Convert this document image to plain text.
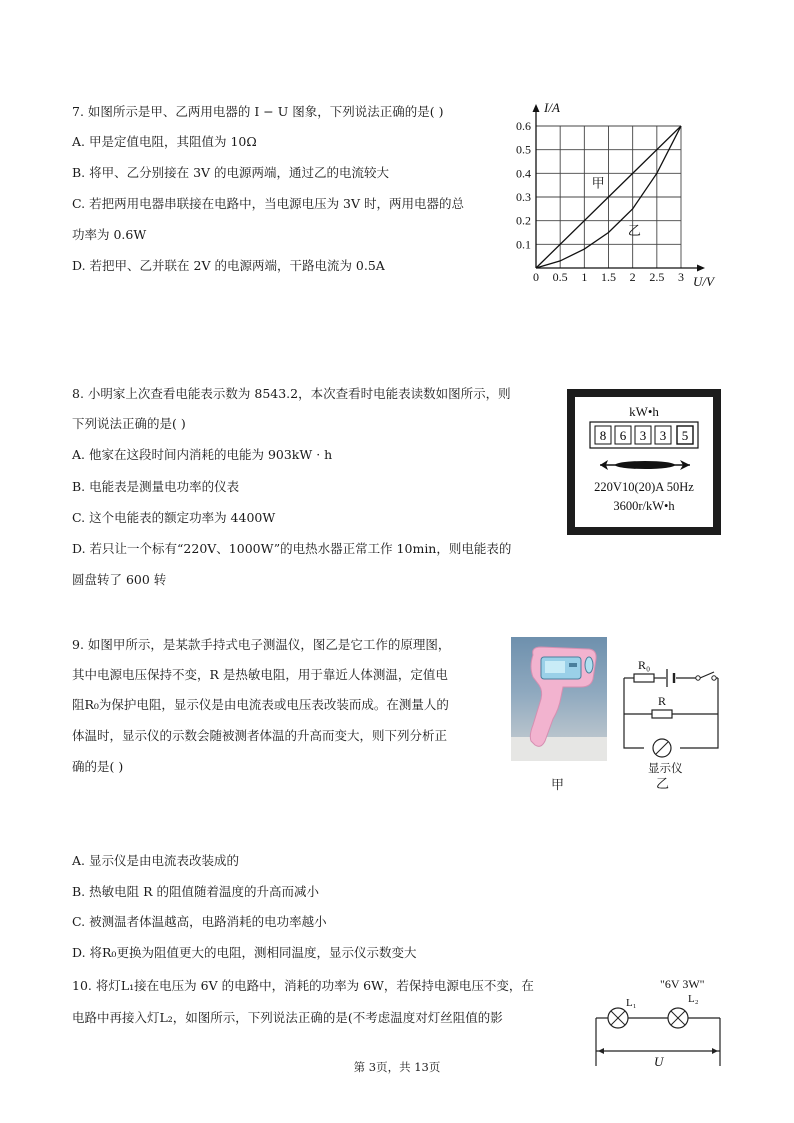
7. 如图所示是甲、乙两用电器的 I − U 图象，下列说法正确的是( )
A. 甲是定值电阻，其阻值为 10Ω
B. 将甲、乙分别接在 3V 的电源两端，通过乙的电流较大
C. 若把两用电器串联接在电路中，当电源电压为 3V 时，两用电器的总
功率为 0.6W
D. 若把甲、乙并联在 2V 的电源两端，干路电流为 0.5A
I/A
U/V
0 0.5 1 1.5 2 2.5 3
0.1
0.2
0.3
0.4
0.5
0.6
甲
乙
8. 小明家上次查看电能表示数为 8543.2，本次查看时电能表读数如图所示，则
下列说法正确的是( )
A. 他家在这段时间内消耗的电能为 903kW · h
B. 电能表是测量电功率的仪表
C. 这个电能表的额定功率为 4400W
D. 若只让一个标有“220V、1000W”的电热水器正常工作 10min，则电能表的
圆盘转了 600 转
kW•h
8 6 3 3 5
220V10(20)A 50Hz
3600r/kW•h
9. 如图甲所示，是某款手持式电子测温仪，图乙是它工作的原理图，
其中电源电压保持不变，R 是热敏电阻，用于靠近人体测温，定值电
阻R₀为保护电阻，显示仪是由电流表或电压表改装而成。在测量人的
体温时，显示仪的示数会随被测者体温的升高而变大，则下列分析正
确的是( )
甲
R₀
R
显示仪
乙
A. 显示仪是由电流表改装成的
B. 热敏电阻 R 的阻值随着温度的升高而减小
C. 被测温者体温越高，电路消耗的电功率越小
D. 将R₀更换为阻值更大的电阻，测相同温度，显示仪示数变大
10. 将灯L₁接在电压为 6V 的电路中，消耗的功率为 6W，若保持电源电压不变，在
电路中再接入灯L₂，如图所示，下列说法正确的是(不考虑温度对灯丝阻值的影
"6V 3W"
L₁	L₂
U
第 3页，共 13页
